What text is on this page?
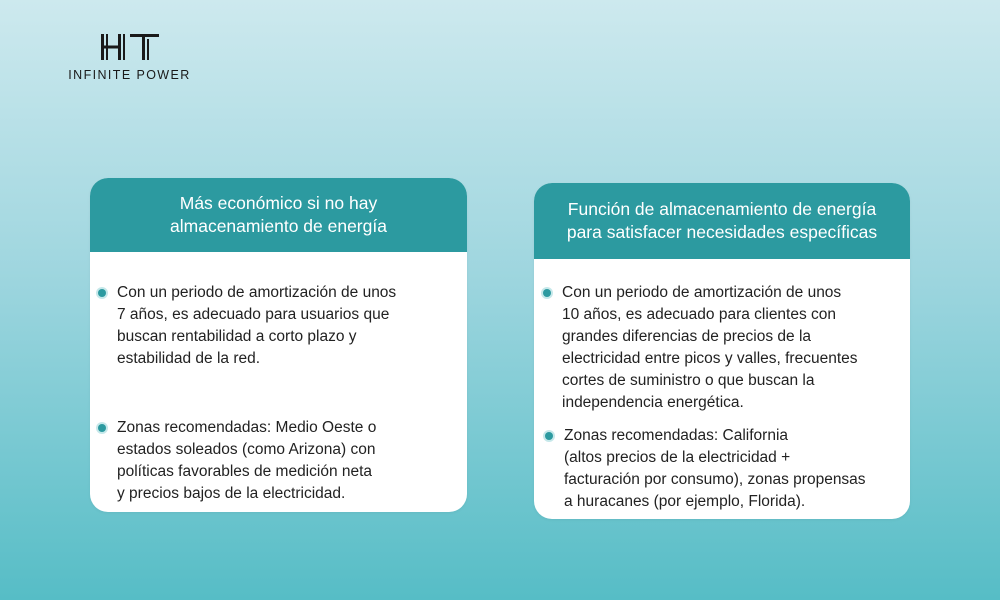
INFINITE POWER
Más económico si no hay
almacenamiento de energía
Con un periodo de amortización de unos
7 años, es adecuado para usuarios que
buscan rentabilidad a corto plazo y
estabilidad de la red.
Zonas recomendadas: Medio Oeste o
estados soleados (como Arizona) con
políticas favorables de medición neta
y precios bajos de la electricidad.
Función de almacenamiento de energía
para satisfacer necesidades específicas
Con un periodo de amortización de unos
10 años, es adecuado para clientes con
grandes diferencias de precios de la
electricidad entre picos y valles, frecuentes
cortes de suministro o que buscan la
independencia energética.
Zonas recomendadas: California
(altos precios de la electricidad +
facturación por consumo), zonas propensas
a huracanes (por ejemplo, Florida).
